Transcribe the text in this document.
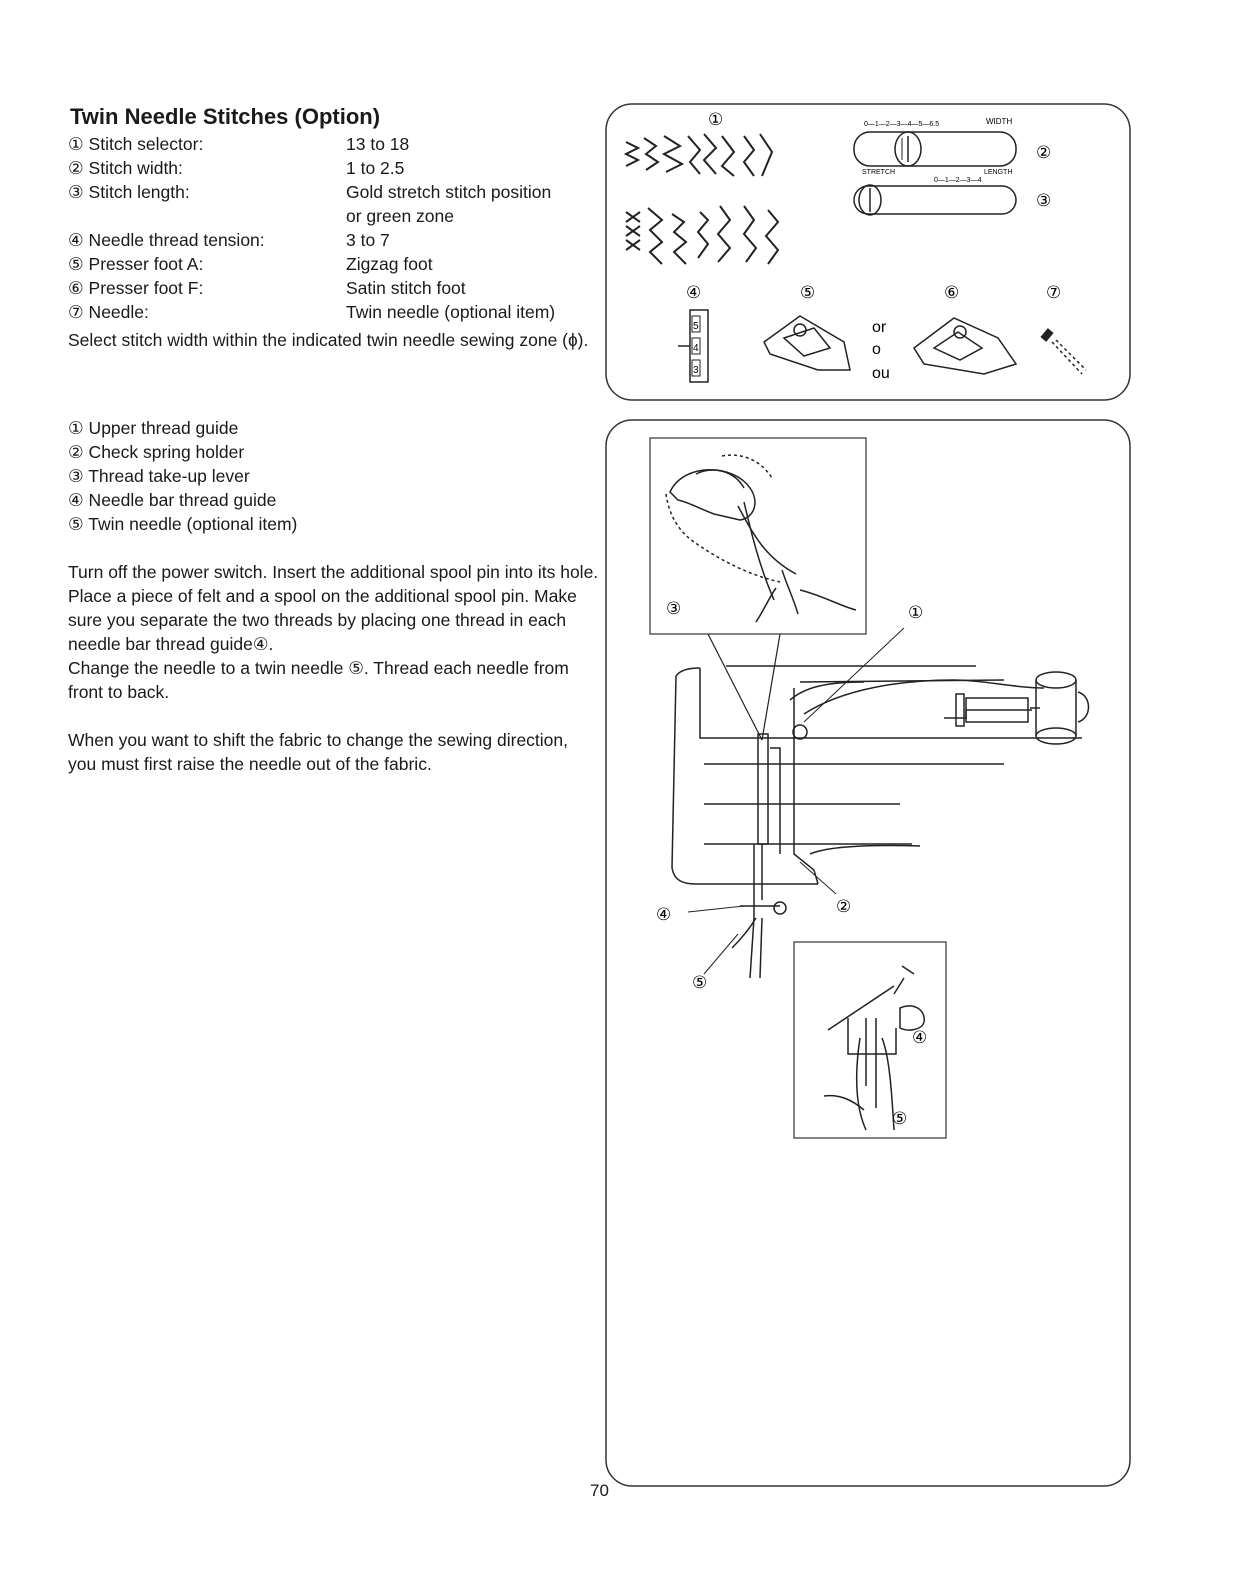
Twin Needle Stitches (Option)
① Stitch selector:	13 to 18
② Stitch width:	1 to 2.5
③ Stitch length:	Gold stretch stitch position
or green zone
④ Needle thread tension:	3 to 7
⑤ Presser foot A:	Zigzag foot
⑥ Presser foot F:	Satin stitch foot
⑦ Needle:	Twin needle (optional item)

Select stitch width within the indicated twin needle sewing zone (ɸ).

① Upper thread guide
② Check spring holder
③ Thread take-up lever
④ Needle bar thread guide
⑤ Twin needle (optional item)

Turn off the power switch. Insert the additional spool pin into its hole. Place a piece of felt and a spool on the additional spool pin. Make sure you separate the two threads by placing one thread in each needle bar thread guide④.
Change the needle to a twin needle ⑤. Thread each needle from front to back.

When you want to shift the fabric to change the sewing direction, you must first raise the needle out of the fabric.

①	WIDTH
0—1—2—3—4—5—6.5
②
STRETCH	LENGTH
0—1—2—3—4
③
④	⑤	⑥	⑦
5
4
3
or
o
ou
③	①
②
④
⑤
④
⑤
70
